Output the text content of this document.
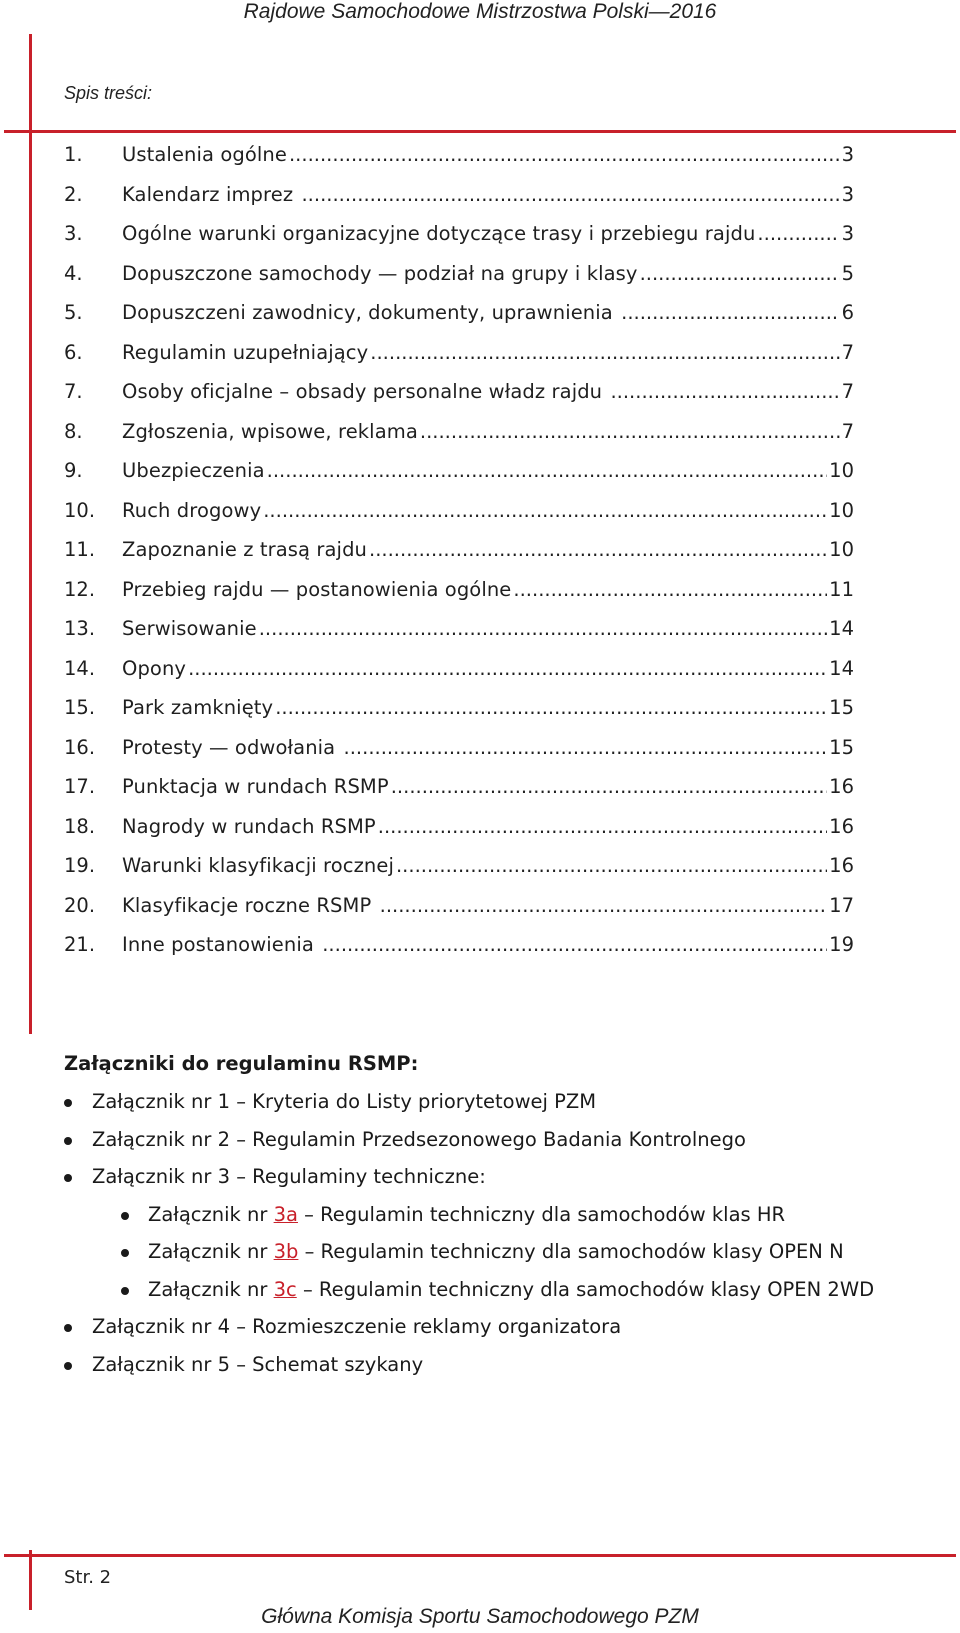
Rajdowe Samochodowe Mistrzostwa Polski—2016
Spis treści:
1.	Ustalenia ogólne .....	3
2.	Kalendarz imprez .....	3
3.	Ogólne warunki organizacyjne dotyczące trasy i przebiegu rajdu .....	3
4.	Dopuszczone samochody — podział na grupy i klasy .....	5
5.	Dopuszczeni zawodnicy, dokumenty, uprawnienia .....	6
6.	Regulamin uzupełniający .....	7
7.	Osoby oficjalne – obsady personalne władz rajdu .....	7
8.	Zgłoszenia, wpisowe, reklama .....	7
9.	Ubezpieczenia .....	10
10.	Ruch drogowy .....	10
11.	Zapoznanie z trasą rajdu .....	10
12.	Przebieg rajdu — postanowienia ogólne .....	11
13.	Serwisowanie .....	14
14.	Opony .....	14
15.	Park zamknięty .....	15
16.	Protesty — odwołania .....	15
17.	Punktacja w rundach RSMP .....	16
18.	Nagrody w rundach RSMP .....	16
19.	Warunki klasyfikacji rocznej .....	16
20.	Klasyfikacje roczne RSMP .....	17
21.	Inne postanowienia .....	19
Załączniki do regulaminu RSMP:
Załącznik nr 1 – Kryteria do Listy priorytetowej PZM
Załącznik nr 2 – Regulamin Przedsezonowego Badania Kontrolnego
Załącznik nr 3 – Regulaminy techniczne:
Załącznik nr 3a – Regulamin techniczny dla samochodów klas HR
Załącznik nr 3b – Regulamin techniczny dla samochodów klasy OPEN N
Załącznik nr 3c – Regulamin techniczny dla samochodów klasy OPEN 2WD
Załącznik nr 4 – Rozmieszczenie reklamy organizatora
Załącznik nr 5 – Schemat szykany
Str. 2
Główna Komisja Sportu Samochodowego PZM
